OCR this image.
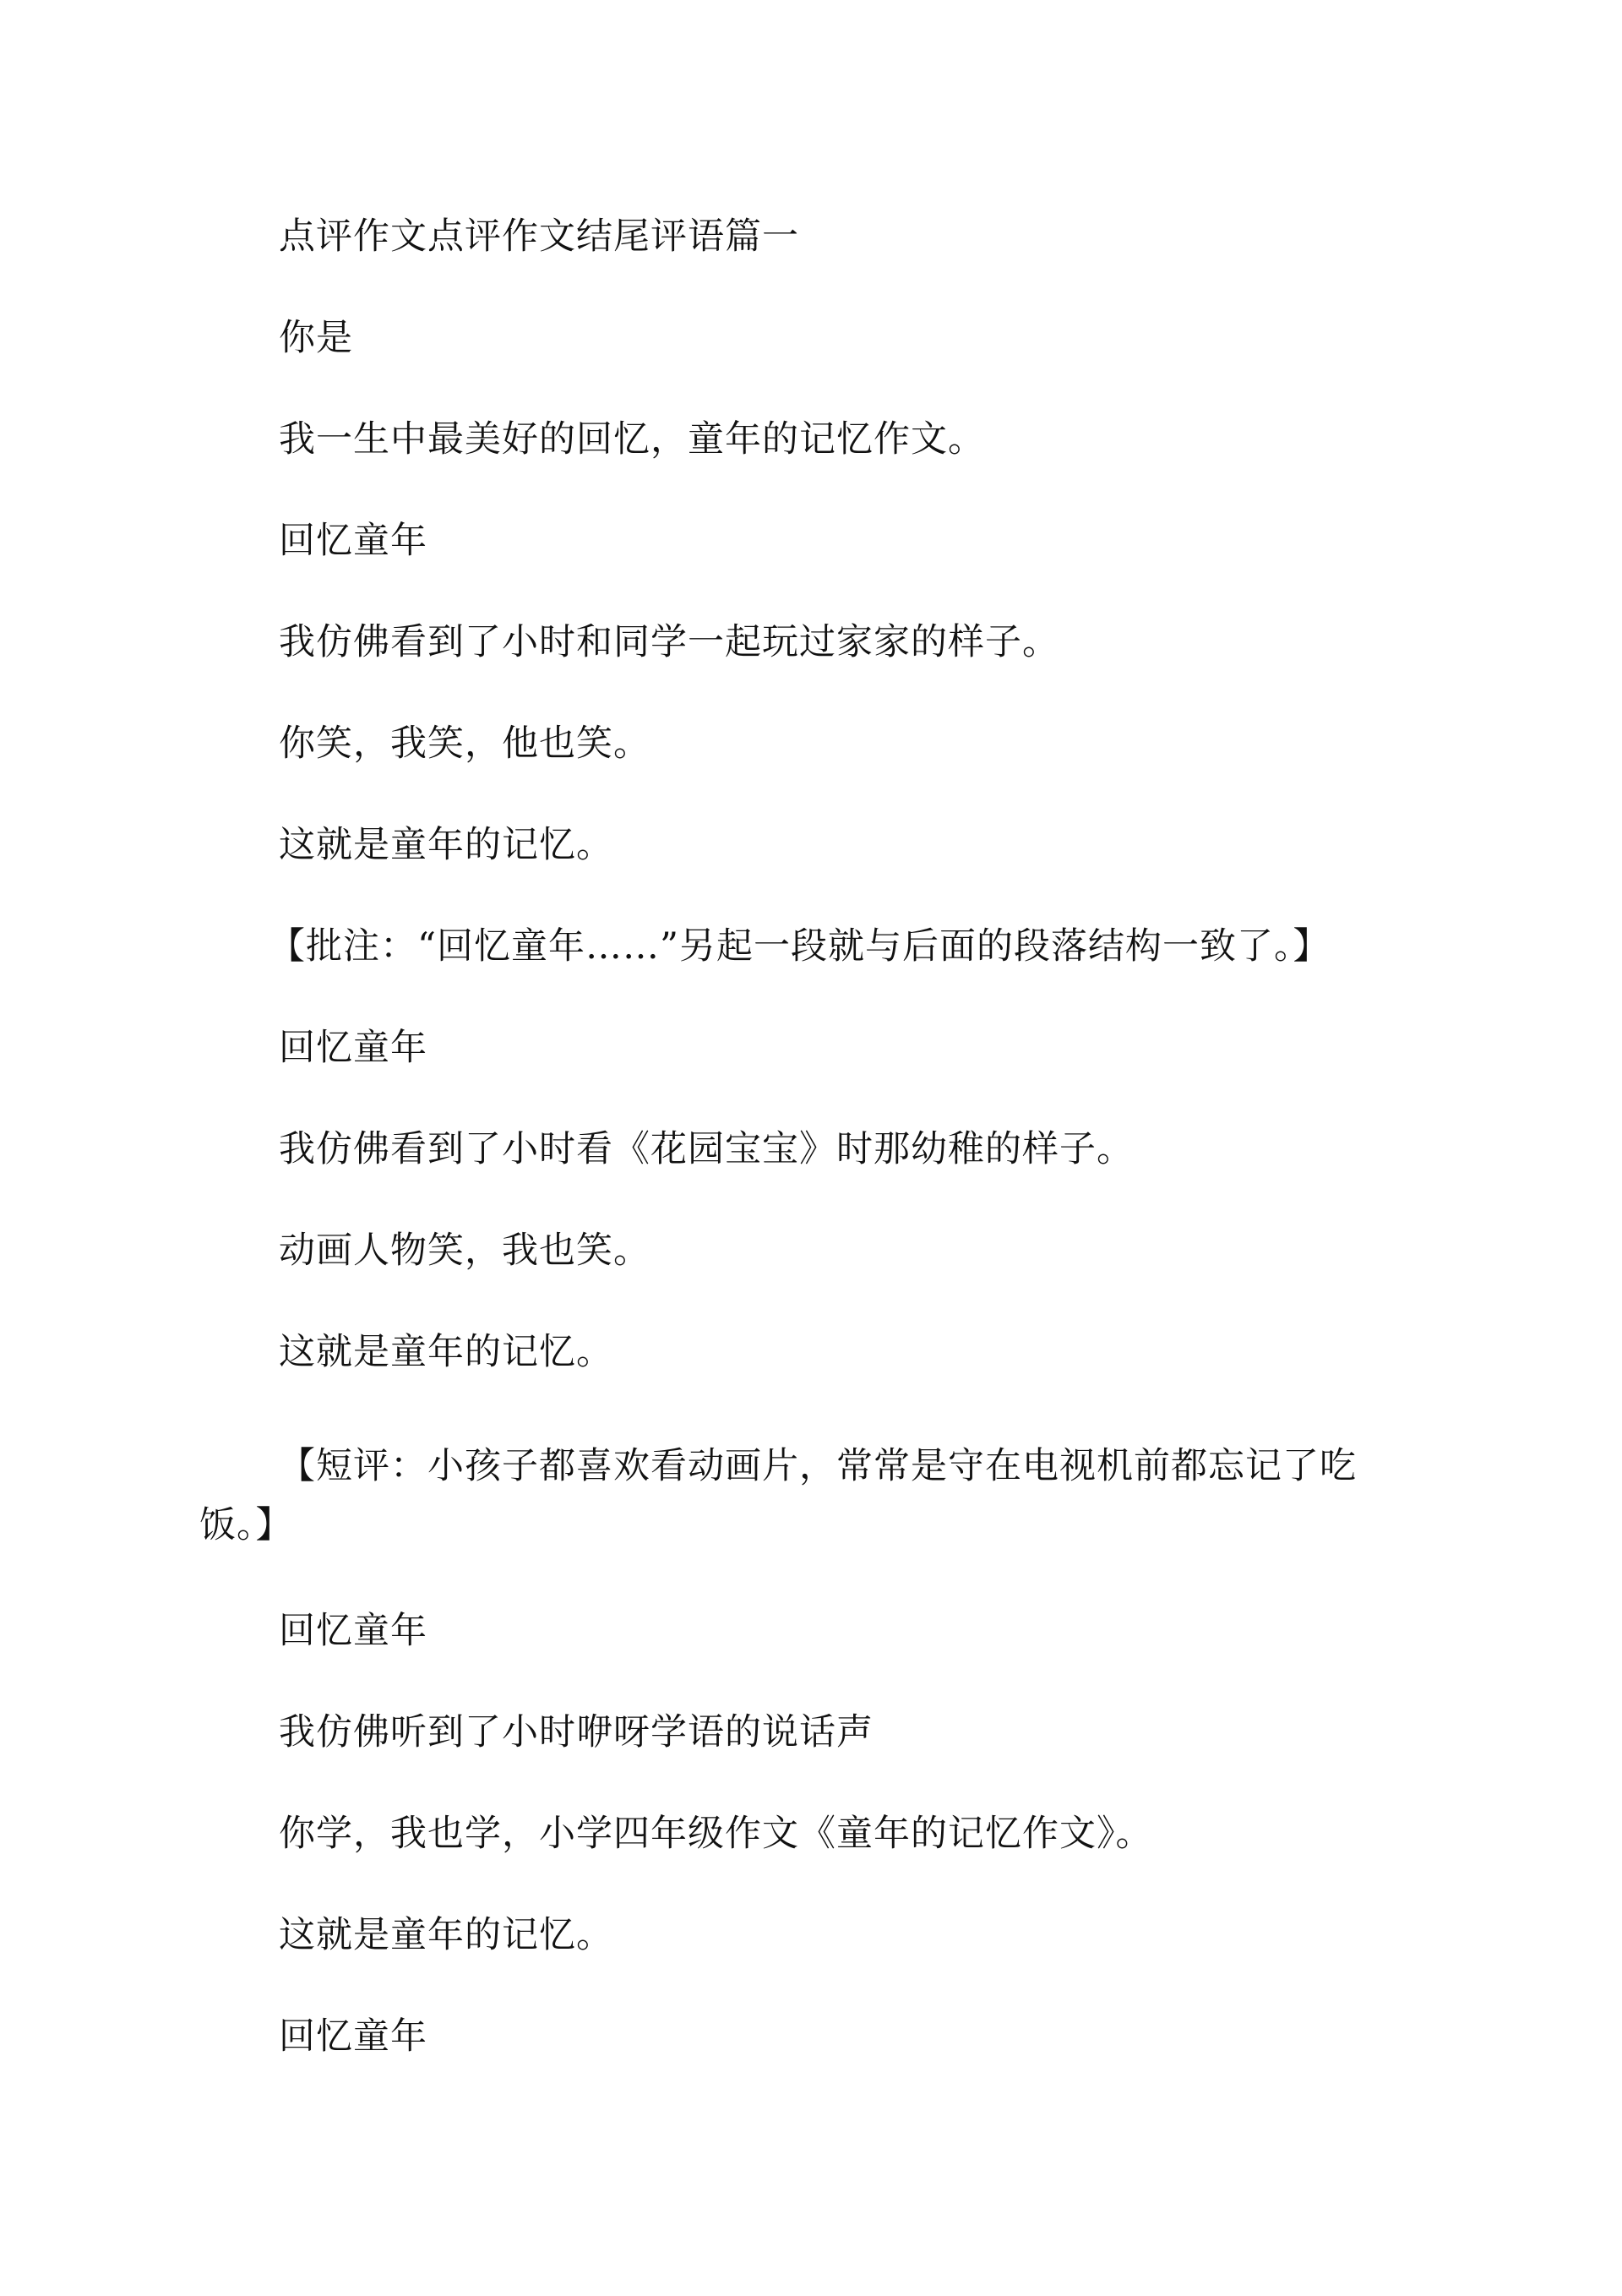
点评作文点评作文结尾评语篇一
你是
我一生中最美好的回忆，童年的记忆作文。
回忆童年
我仿佛看到了小时和同学一起玩过家家的样子。
你笑，我笑，他也笑。
这就是童年的记忆。
【批注：“回忆童年……”另起一段就与后面的段落结构一致了。】
回忆童年
我仿佛看到了小时看《花园宝宝》时那幼稚的样子。
动画人物笑，我也笑。
这就是童年的记忆。
【短评：小孩子都喜欢看动画片，常常是守在电视机前都忘记了吃饭。】
回忆童年
我仿佛听到了小时咿呀学语的说话声
你学，我也学，小学四年级作文《童年的记忆作文》。
这就是童年的记忆。
回忆童年
